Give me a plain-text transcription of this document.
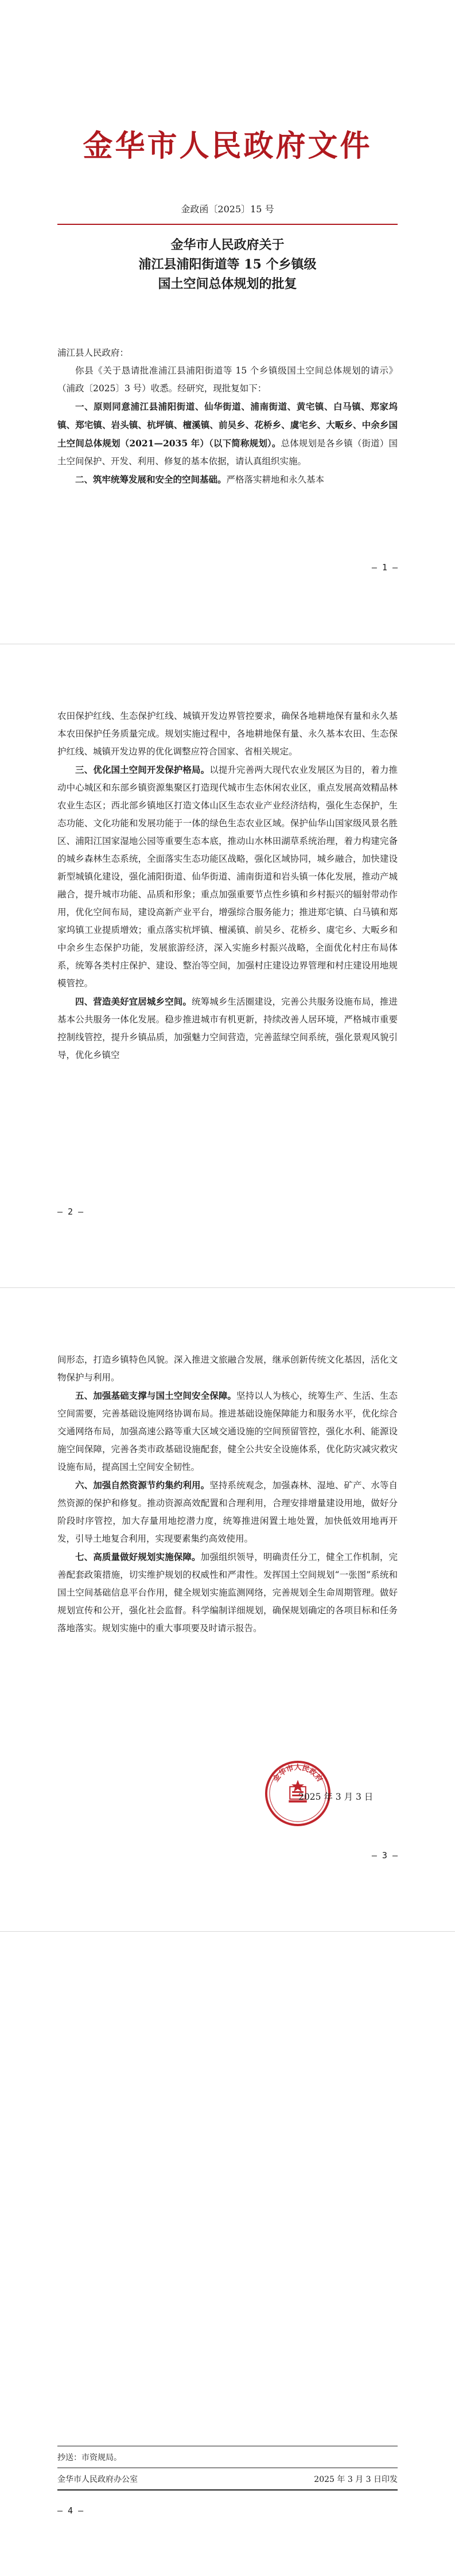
金华市人民政府文件
金政函〔2025〕15 号
金华市人民政府关于
浦江县浦阳街道等 15 个乡镇级
国土空间总体规划的批复

浦江县人民政府：

你县《关于恳请批准浦江县浦阳街道等 15 个乡镇级国土空间总体规划的请示》（浦政〔2025〕3 号）收悉。经研究，现批复如下：

一、原则同意浦江县浦阳街道、仙华街道、浦南街道、黄宅镇、白马镇、郑家坞镇、郑宅镇、岩头镇、杭坪镇、檀溪镇、前吴乡、花桥乡、虞宅乡、大畈乡、中余乡国土空间总体规划（2021—2035 年）（以下简称规划）。总体规划是各乡镇（街道）国土空间保护、开发、利用、修复的基本依据，请认真组织实施。

二、筑牢统筹发展和安全的空间基础。严格落实耕地和永久基本

— 1 —

农田保护红线、生态保护红线、城镇开发边界管控要求，确保各地耕地保有量和永久基本农田保护任务质量完成。规划实施过程中，各地耕地保有量、永久基本农田、生态保护红线、城镇开发边界的优化调整应符合国家、省相关规定。

三、优化国土空间开发保护格局。以提升完善两大现代农业发展区为目的，着力推动中心城区和东部乡镇资源集聚区打造现代城市生态休闲农业区，重点发展高效精品林农业生态区；西北部乡镇地区打造文体山区生态农业产业经济结构，强化生态保护，生态功能、文化功能和发展功能于一体的绿色生态农业区域。保护仙华山国家级风景名胜区、浦阳江国家湿地公园等重要生态本底，推动山水林田湖草系统治理，着力构建完备的城乡森林生态系统，全面落实生态功能区战略，强化区域协同，城乡融合，加快建设新型城镇化建设，强化浦阳街道、仙华街道、浦南街道和岩头镇一体化发展，推动产城融合，提升城市功能、品质和形象；重点加强重要节点性乡镇和乡村振兴的辐射带动作用，优化空间布局，建设高新产业平台，增强综合服务能力；推进郑宅镇、白马镇和郑家坞镇工业提质增效；重点落实杭坪镇、檀溪镇、前吴乡、花桥乡、虞宅乡、大畈乡和中余乡生态保护功能，发展旅游经济，深入实施乡村振兴战略，全面优化村庄布局体系，统筹各类村庄保护、建设、整治等空间，加强村庄建设边界管理和村庄建设用地规模管控。

四、营造美好宜居城乡空间。统筹城乡生活圈建设，完善公共服务设施布局，推进基本公共服务一体化发展。稳步推进城市有机更新，持续改善人居环境，严格城市重要控制线管控，提升乡镇品质，加强魅力空间营造，完善蓝绿空间系统，强化景观风貌引导，优化乡镇空

— 2 —

间形态，打造乡镇特色风貌。深入推进文旅融合发展，继承创新传统文化基因，活化文物保护与利用。

五、加强基础支撑与国土空间安全保障。坚持以人为核心，统筹生产、生活、生态空间需要，完善基础设施网络协调布局。推进基础设施保障能力和服务水平，优化综合交通网络布局，加强高速公路等重大区域交通设施的空间预留管控，强化水利、能源设施空间保障，完善各类市政基础设施配套，健全公共安全设施体系，优化防灾减灾救灾设施布局，提高国土空间安全韧性。

六、加强自然资源节约集约利用。坚持系统观念，加强森林、湿地、矿产、水等自然资源的保护和修复。推动资源高效配置和合理利用，合理安排增量建设用地，做好分阶段时序管控，加大存量用地挖潜力度，统筹推进闲置土地处置，加快低效用地再开发，引导土地复合利用，实现要素集约高效使用。

七、高质量做好规划实施保障。加强组织领导，明确责任分工，健全工作机制，完善配套政策措施，切实维护规划的权威性和严肃性。发挥国土空间规划“一张图”系统和国土空间基础信息平台作用，健全规划实施监测网络，完善规划全生命周期管理。做好规划宣传和公开，强化社会监督。科学编制详细规划，确保规划确定的各项目标和任务落地落实。规划实施中的重大事项要及时请示报告。

金华市人民政府
2025 年 3 月 3 日
— 3 —
抄送：市资规局。
金华市人民政府办公室	2025 年 3 月 3 日印发
— 4 —
